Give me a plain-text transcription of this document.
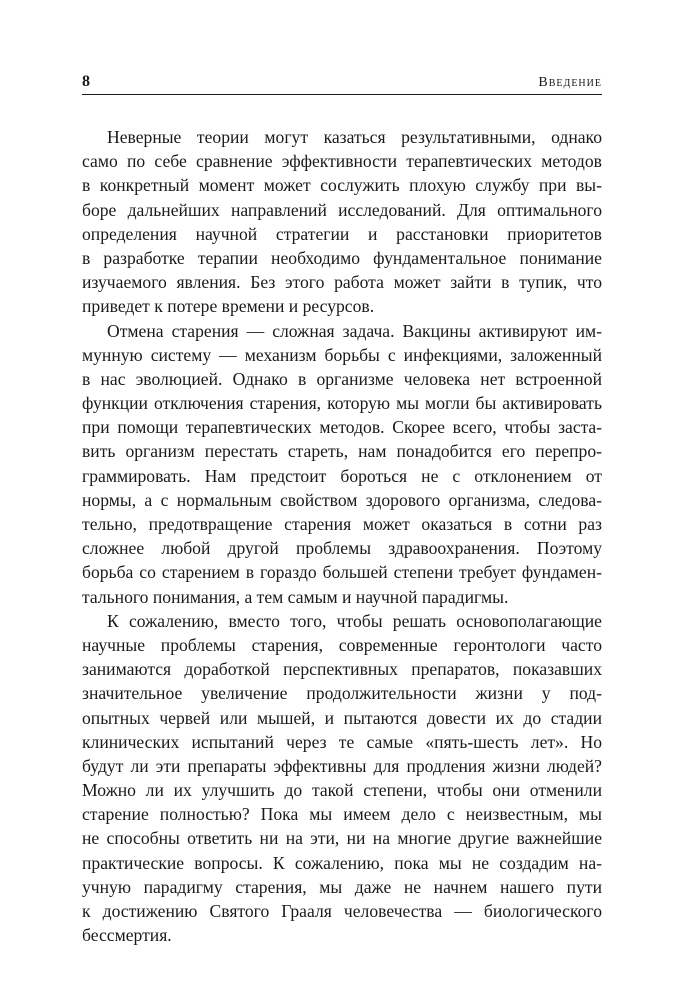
8	Введение
Неверные теории могут казаться результативными, однако
само по себе сравнение эффективности терапевтических методов
в конкретный момент может сослужить плохую службу при вы-
боре дальнейших направлений исследований. Для оптимального
определения научной стратегии и расстановки приоритетов
в разработке терапии необходимо фундаментальное понимание
изучаемого явления. Без этого работа может зайти в тупик, что
приведет к потере времени и ресурсов.
Отмена старения — сложная задача. Вакцины активируют им-
мунную систему — механизм борьбы с инфекциями, заложенный
в нас эволюцией. Однако в организме человека нет встроенной
функции отключения старения, которую мы могли бы активировать
при помощи терапевтических методов. Скорее всего, чтобы застa-
вить организм перестать стареть, нам понадобится его перепро-
граммировать. Нам предстоит бороться не с отклонением от
нормы, а с нормальным свойством здорового организма, следова-
тельно, предотвращение старения может оказаться в сотни раз
сложнее любой другой проблемы здравоохранения. Поэтому
борьба со старением в гораздо большей степени требует фундамен-
тального понимания, а тем самым и научной парадигмы.
К сожалению, вместо того, чтобы решать основополагающие
научные проблемы старения, современные геронтологи часто
занимаются доработкой перспективных препаратов, показавших
значительное увеличение продолжительности жизни у под-
опытных червей или мышей, и пытаются довести их до стадии
клинических испытаний через те самые «пять-шесть лет». Но
будут ли эти препараты эффективны для продления жизни людей?
Можно ли их улучшить до такой степени, чтобы они отменили
старение полностью? Пока мы имеем дело с неизвестным, мы
не способны ответить ни на эти, ни на многие другие важнейшие
практические вопросы. К сожалению, пока мы не создадим на-
учную парадигму старения, мы даже не начнем нашего пути
к достижению Святого Грааля человечества — биологического
бессмертия.
